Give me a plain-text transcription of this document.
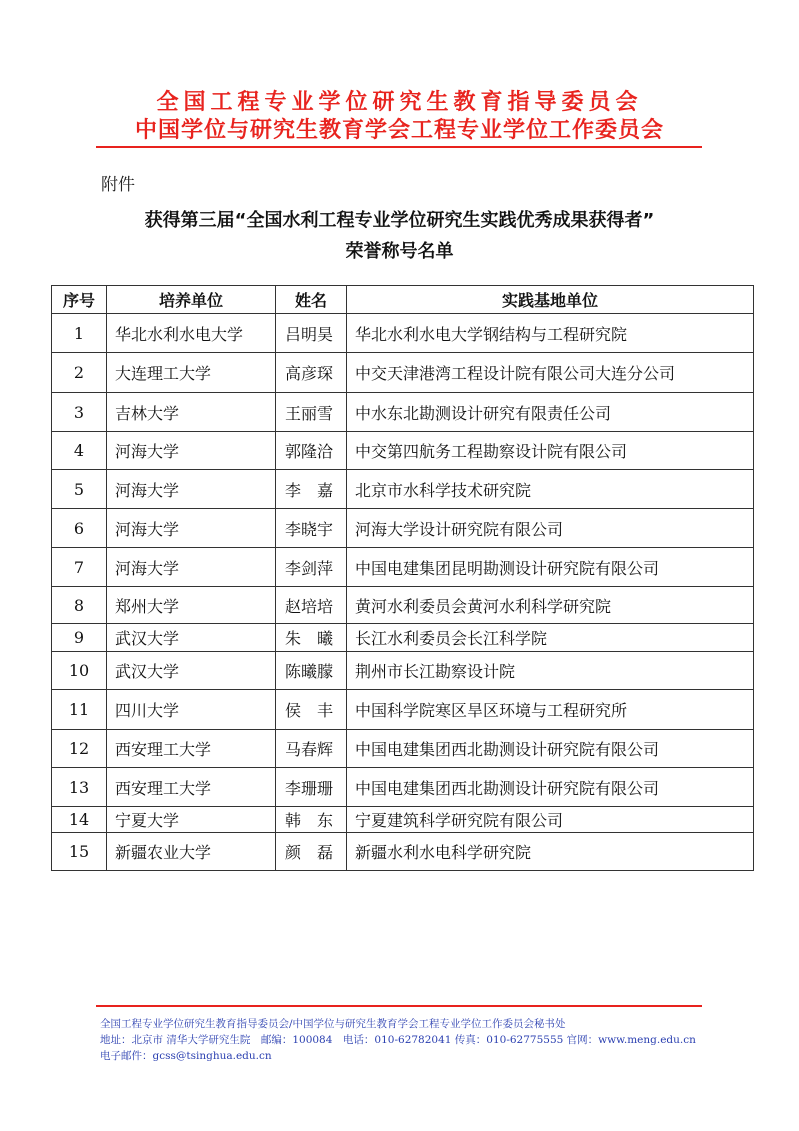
全国工程专业学位研究生教育指导委员会
中国学位与研究生教育学会工程专业学位工作委员会
附件
获得第三届“全国水利工程专业学位研究生实践优秀成果获得者”
荣誉称号名单
序号	培养单位	姓名	实践基地单位
1	华北水利水电大学	吕明昊	华北水利水电大学钢结构与工程研究院
2	大连理工大学	高彦琛	中交天津港湾工程设计院有限公司大连分公司
3	吉林大学	王丽雪	中水东北勘测设计研究有限责任公司
4	河海大学	郭隆洽	中交第四航务工程勘察设计院有限公司
5	河海大学	李　嘉	北京市水科学技术研究院
6	河海大学	李晓宇	河海大学设计研究院有限公司
7	河海大学	李剑萍	中国电建集团昆明勘测设计研究院有限公司
8	郑州大学	赵培培	黄河水利委员会黄河水利科学研究院
9	武汉大学	朱　曦	长江水利委员会长江科学院
10	武汉大学	陈曦朦	荆州市长江勘察设计院
11	四川大学	侯　丰	中国科学院寒区旱区环境与工程研究所
12	西安理工大学	马春辉	中国电建集团西北勘测设计研究院有限公司
13	西安理工大学	李珊珊	中国电建集团西北勘测设计研究院有限公司
14	宁夏大学	韩　东	宁夏建筑科学研究院有限公司
15	新疆农业大学	颜　磊	新疆水利水电科学研究院
全国工程专业学位研究生教育指导委员会/中国学位与研究生教育学会工程专业学位工作委员会秘书处
地址：北京市 清华大学研究生院　邮编：100084　电话：010-62782041 传真：010-62775555 官网：www.meng.edu.cn
电子邮件：gcss@tsinghua.edu.cn
